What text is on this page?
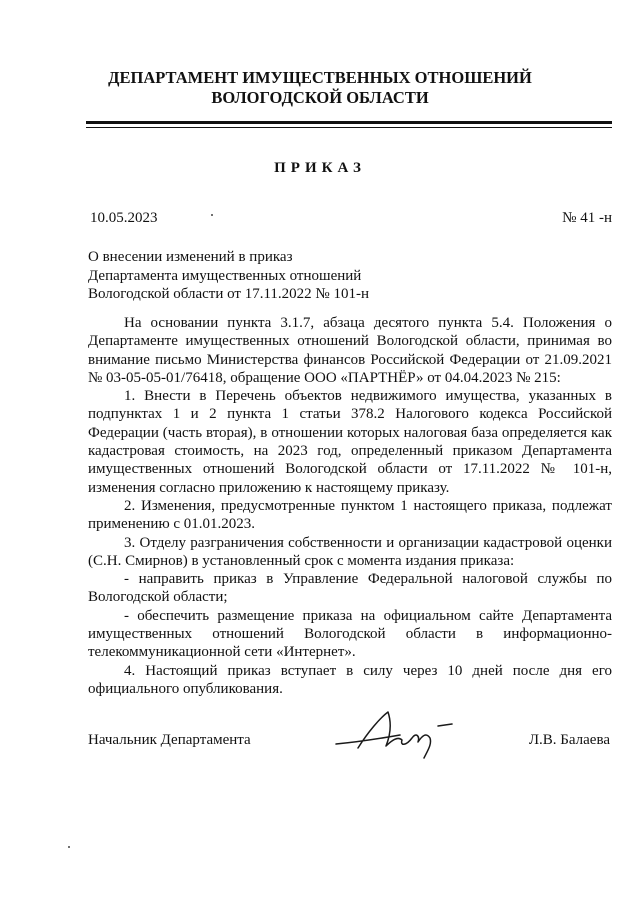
ДЕПАРТАМЕНТ ИМУЩЕСТВЕННЫХ ОТНОШЕНИЙ
ВОЛОГОДСКОЙ ОБЛАСТИ
ПРИКАЗ
10.05.2023	№ 41 -н
О внесении изменений в приказ
Департамента имущественных отношений
Вологодской области от 17.11.2022 № 101-н

На основании пункта 3.1.7, абзаца десятого пункта 5.4. Положения о Департаменте имущественных отношений Вологодской области, принимая во внимание письмо Министерства финансов Российской Федерации от 21.09.2021 № 03-05-05-01/76418, обращение ООО «ПАРТНЁР» от 04.04.2023 № 215:

1. Внести в Перечень объектов недвижимого имущества, указанных в подпунктах 1 и 2 пункта 1 статьи 378.2 Налогового кодекса Российской Федерации (часть вторая), в отношении которых налоговая база определяется как кадастровая стоимость, на 2023 год, определенный приказом Департамента имущественных отношений Вологодской области от 17.11.2022 № 101-н, изменения согласно приложению к настоящему приказу.

2. Изменения, предусмотренные пунктом 1 настоящего приказа, подлежат применению с 01.01.2023.

3. Отделу разграничения собственности и организации кадастровой оценки (С.Н. Смирнов) в установленный срок с момента издания приказа:

- направить приказ в Управление Федеральной налоговой службы по Вологодской области;

- обеспечить размещение приказа на официальном сайте Департамента имущественных отношений Вологодской области в информационно-телекоммуникационной сети «Интернет».

4. Настоящий приказ вступает в силу через 10 дней после дня его официального опубликования.

Начальник Департамента	Л.В. Балаева
